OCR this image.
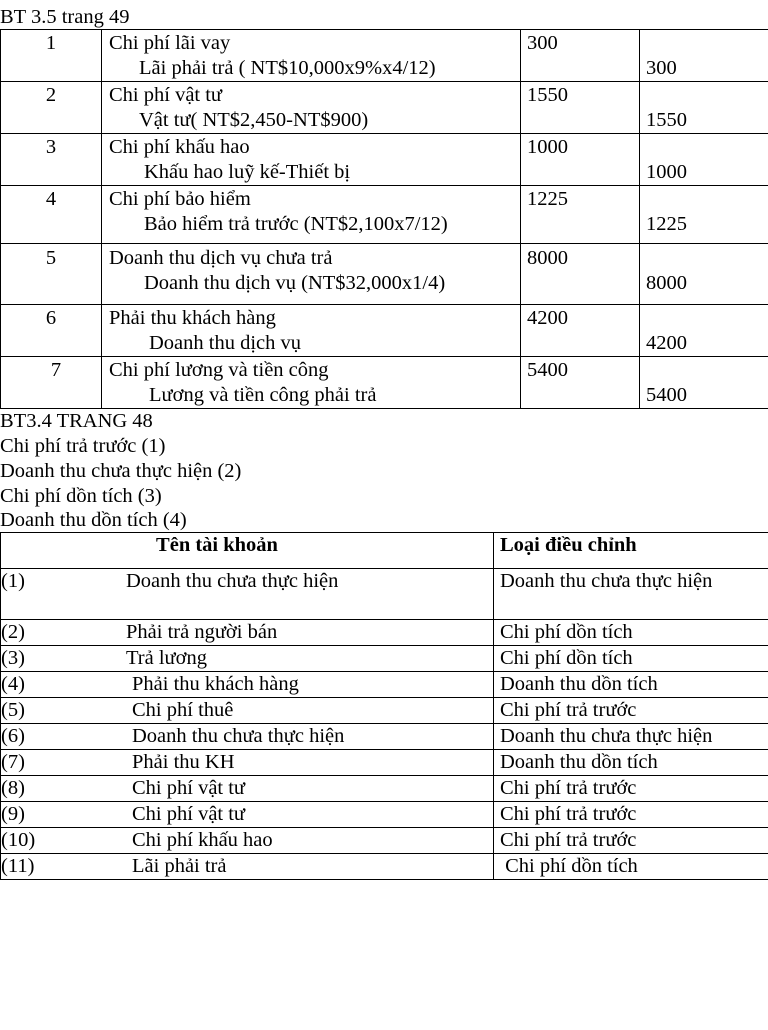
BT 3.5 trang 49
1	Chi phí lãi vay
Lãi phải trả ( NT$10,000x9%x4/12)	300	300

2	Chi phí vật tư
Vật tư( NT$2,450-NT$900)	1550	1550

3	Chi phí khấu hao
Khấu hao luỹ kế-Thiết bị	1000	1000

4	Chi phí bảo hiểm
Bảo hiểm trả trước (NT$2,100x7/12)	1225	1225

5	Doanh thu dịch vụ chưa trả
Doanh thu dịch vụ (NT$32,000x1/4)	8000	8000

6	Phải thu khách hàng
Doanh thu dịch vụ	4200	4200

7	Chi phí lương và tiền công
Lương và tiền công phải trả	5400	5400
BT3.4 TRANG 48
Chi phí trả trước (1)
Doanh thu chưa thực hiện (2)
Chi phí dồn tích (3)
Doanh thu dồn tích (4)
Tên tài khoản	Loại điều chỉnh
(1) Doanh thu chưa thực hiện	Doanh thu chưa thực hiện
(2) Phải trả người bán	Chi phí dồn tích
(3) Trả lương	Chi phí dồn tích
(4) Phải thu khách hàng	Doanh thu dồn tích
(5) Chi phí thuê	Chi phí trả trước
(6) Doanh thu chưa thực hiện	Doanh thu chưa thực hiện
(7) Phải thu KH	Doanh thu dồn tích
(8) Chi phí vật tư	Chi phí trả trước
(9) Chi phí vật tư	Chi phí trả trước
(10) Chi phí khấu hao	Chi phí trả trước
(11) Lãi phải trả	Chi phí dồn tích
